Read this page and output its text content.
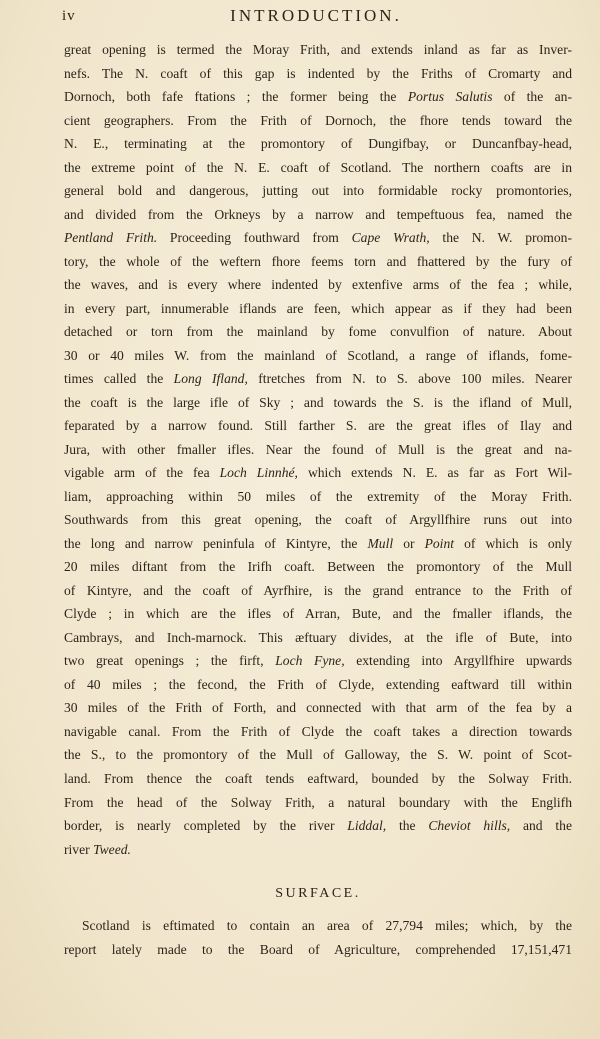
iv	INTRODUCTION.
great opening is termed the Moray Frith, and extends inland as far as Inver-
nefs. The N. coaft of this gap is indented by the Friths of Cromarty and
Dornoch, both fafe ftations ; the former being the Portus Salutis of the an-
cient geographers. From the Frith of Dornoch, the fhore tends toward the
N. E., terminating at the promontory of Dungifbay, or Duncanfbay-head,
the extreme point of the N. E. coaft of Scotland. The northern coafts are in
general bold and dangerous, jutting out into formidable rocky promontories,
and divided from the Orkneys by a narrow and tempeftuous fea, named the
Pentland Frith. Proceeding fouthward from Cape Wrath, the N. W. promon-
tory, the whole of the weftern fhore feems torn and fhattered by the fury of
the waves, and is every where indented by extenfive arms of the fea ; while,
in every part, innumerable iflands are feen, which appear as if they had been
detached or torn from the mainland by fome convulfion of nature. About
30 or 40 miles W. from the mainland of Scotland, a range of iflands, fome-
times called the Long Ifland, ftretches from N. to S. above 100 miles. Nearer
the coaft is the large ifle of Sky ; and towards the S. is the ifland of Mull,
feparated by a narrow found. Still farther S. are the great ifles of Ilay and
Jura, with other fmaller ifles. Near the found of Mull is the great and na-
vigable arm of the fea Loch Linnhé, which extends N. E. as far as Fort Wil-
liam, approaching within 50 miles of the extremity of the Moray Frith.
Southwards from this great opening, the coaft of Argyllfhire runs out into
the long and narrow peninfula of Kintyre, the Mull or Point of which is only
20 miles diftant from the Irifh coaft. Between the promontory of the Mull
of Kintyre, and the coaft of Ayrfhire, is the grand entrance to the Frith of
Clyde ; in which are the ifles of Arran, Bute, and the fmaller iflands, the
Cambrays, and Inch-marnock. This æftuary divides, at the ifle of Bute, into
two great openings ; the firft, Loch Fyne, extending into Argyllfhire upwards
of 40 miles ; the fecond, the Frith of Clyde, extending eaftward till within
30 miles of the Frith of Forth, and connected with that arm of the fea by a
navigable canal. From the Frith of Clyde the coaft takes a direction towards
the S., to the promontory of the Mull of Galloway, the S. W. point of Scot-
land. From thence the coaft tends eaftward, bounded by the Solway Frith.
From the head of the Solway Frith, a natural boundary with the Englifh
border, is nearly completed by the river Liddal, the Cheviot hills, and the
river Tweed.
SURFACE.
Scotland is eftimated to contain an area of 27,794 miles; which, by the
report lately made to the Board of Agriculture, comprehended 17,151,471
